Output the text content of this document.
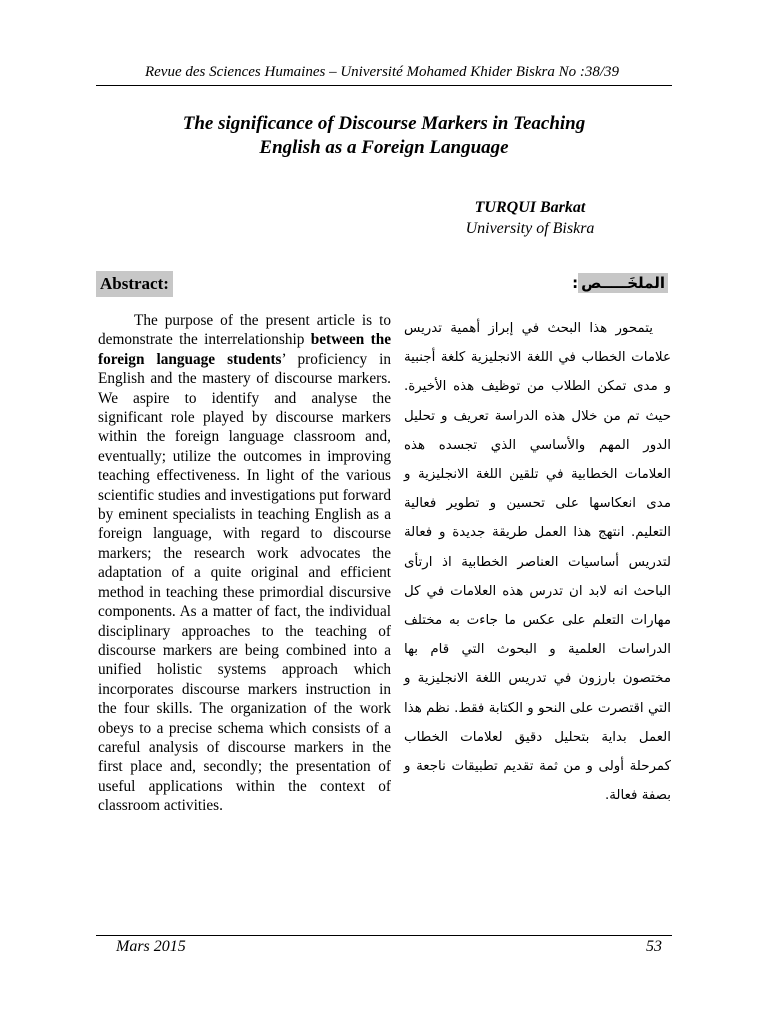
Revue des Sciences Humaines – Université Mohamed Khider Biskra No :38/39
The significance of Discourse Markers in Teaching
English as a Foreign Language
TURQUI Barkat
University of Biskra
Abstract:	الملخَـــــص:

The purpose of the present article is to demonstrate the interrelationship between the foreign language students’ proficiency in English and the mastery of discourse markers. We aspire to identify and analyse the significant role played by discourse markers within the foreign language classroom and, eventually; utilize the outcomes in improving teaching effectiveness. In light of the various scientific studies and investigations put forward by eminent specialists in teaching English as a foreign language, with regard to discourse markers; the research work advocates the adaptation of a quite original and efficient method in teaching these primordial discursive components. As a matter of fact, the individual disciplinary approaches to the teaching of discourse markers are being combined into a unified holistic systems approach which incorporates discourse markers instruction in the four skills. The organization of the work obeys to a precise schema which consists of a careful analysis of discourse markers in the first place and, secondly; the presentation of useful applications within the context of classroom activities.

يتمحور هذا البحث في إبراز أهمية تدريس علامات الخطاب في اللغة الانجليزية كلغة أجنبية و مدى تمكن الطلاب من توظيف هذه الأخيرة. حيث تم من خلال هذه الدراسة تعريف و تحليل الدور المهم والأساسي الذي تجسده هذه العلامات الخطابية في تلقين اللغة الانجليزية و مدى انعكاسها على تحسين و تطوير فعالية التعليم. انتهج هذا العمل طريقة جديدة و فعالة لتدريس أساسيات العناصر الخطابية اذ ارتأى الباحث انه لابد ان تدرس هذه العلامات في كل مهارات التعلم على عكس ما جاءت به مختلف الدراسات العلمية و البحوث التي قام بها مختصون بارزون في تدريس اللغة الانجليزية و التي اقتصرت على النحو و الكتابة فقط. نظم هذا العمل بداية بتحليل دقيق لعلامات الخطاب كمرحلة أولى و من ثمة تقديم تطبيقات ناجعة و بصفة فعالة.

Mars 2015	53
